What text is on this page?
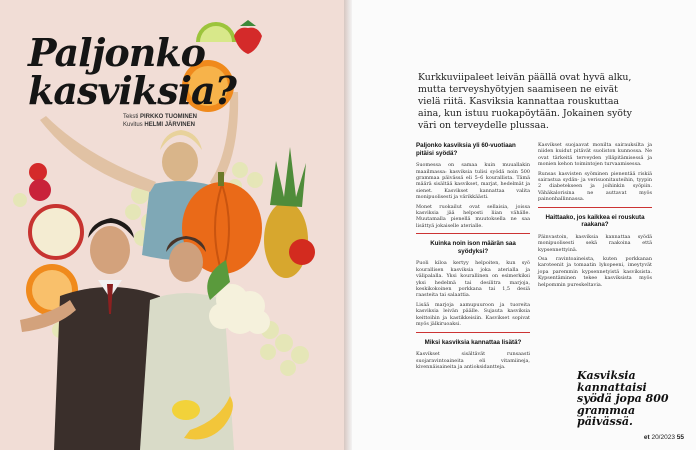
Paljonko
kasviksia?
Teksti PIRKKO TUOMINEN
Kuvitus HELMI JÄRVINEN
Kurkkuviipaleet leivän päällä ovat hyvä alku, mutta terveyshyötyjen saamiseen ne eivät vielä riitä. Kasviksia kannattaa rouskuttaa aina, kun istuu ruokapöytään. Jokainen syöty väri on terveydelle plussaa.
Paljonko kasviksia yli 60-vuotiaan pitäisi syödä?

Suomessa on samaa kuin muuallakin maailmassa: kasviksia tulisi syödä noin 500 grammaa päivässä eli 5–6 kourallista. Tämä määrä sisältää kasvikset, marjat, hedelmät ja sienet. Kasvikset kannattaa valita monipuolisesti ja värikkäästi.

Monet ruokailut ovat sellaisia, joissa kasviksia jää helposti liian vähälle. Muutamalla pienellä muutoksella ne saa lisättyä jokaiselle aterialle.

Kuinka noin ison määrän saa syödyksi?

Puoli kiloa kertyy helpoiten, kun syö kourallisen kasviksia joka aterialla ja välipalalla. Yksi kourallinen on esimerkiksi yksi hedelmä tai desilitra marjoja, keskikokoinen porkkana tai 1,5 desiä raasteita tai salaattia.

Lisää marjoja aamupuuroon ja tuoreita kasviksia leivän päälle. Sujauta kasviksia keittoihin ja kastikkeisiin. Kasvikset sopivat myös jälkiruoaksi.

Miksi kasviksia kannattaa lisätä?

Kasvikset sisältävät runsaasti suojaravintoaineita eli vitamiineja, kivennäisaineita ja antioksidantteja.

Kasvikset suojaavat monilta sairauksilta ja niiden kuidut pitävät suoliston kunnossa. Ne ovat tärkeitä terveyden ylläpitämisessä ja monien kehon toimintojen turvaamisessa.

Runsas kasvisten syöminen pienentää riskiä sairastua sydän- ja verisuonitauteihin, tyypin 2 diabetekseen ja joihinkin syöpiin. Vähäkalorisina ne auttavat myös painonhallinnassa.

Haittaako, jos kaikkea ei rouskuta raakana?

Päinvastoin, kasviksia kannattaa syödä monipuolisesti sekä raakoina että kypsennettyinä.

Osa ravintoaineista, kuten porkkanan karoteenit ja tomaatin lykopeeni, imeytyvät jopa paremmin kypsennetyistä kasviksista. Kypsentäminen tekee kasviksista myös helpommin pureskeltavia.

Kasviksia kannattaisi syödä jopa 800 grammaa päivässä.
et 20/2023 55
